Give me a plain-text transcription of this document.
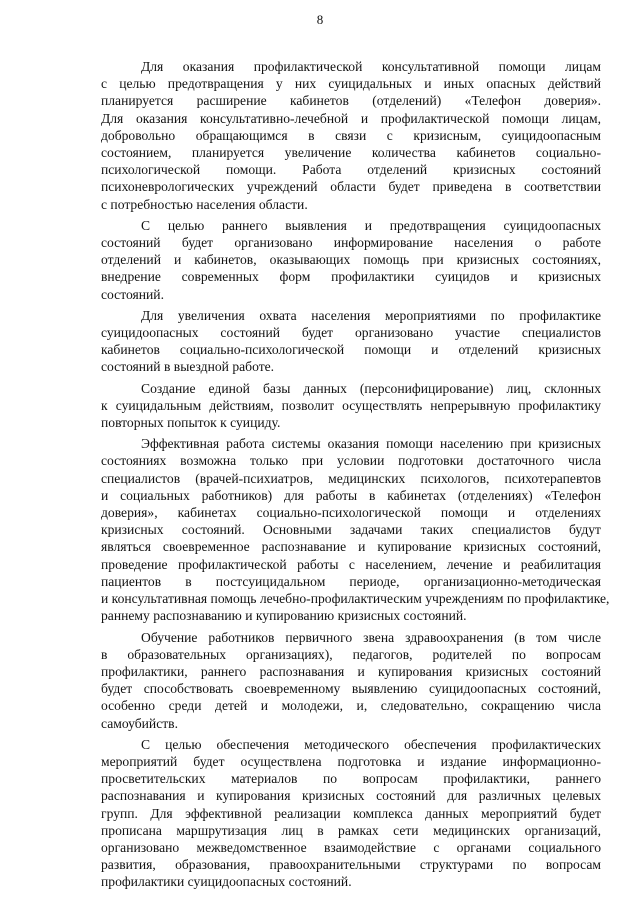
8
Для оказания профилактической консультативной помощи лицам
с целью предотвращения у них суицидальных и иных опасных действий
планируется расширение кабинетов (отделений) «Телефон доверия».
Для оказания консультативно-лечебной и профилактической помощи лицам,
добровольно обращающимся в связи с кризисным, суицидоопасным
состоянием, планируется увеличение количества кабинетов социально-
психологической помощи. Работа отделений кризисных состояний
психоневрологических учреждений области будет приведена в соответствии
с потребностью населения области.
С целью раннего выявления и предотвращения суицидоопасных
состояний будет организовано информирование населения о работе
отделений и кабинетов, оказывающих помощь при кризисных состояниях,
внедрение современных форм профилактики суицидов и кризисных
состояний.
Для увеличения охвата населения мероприятиями по профилактике
суицидоопасных состояний будет организовано участие специалистов
кабинетов социально-психологической помощи и отделений кризисных
состояний в выездной работе.
Создание единой базы данных (персонифицирование) лиц, склонных
к суицидальным действиям, позволит осуществлять непрерывную профилактику
повторных попыток к суициду.
Эффективная работа системы оказания помощи населению при кризисных
состояниях возможна только при условии подготовки достаточного числа
специалистов (врачей-психиатров, медицинских психологов, психотерапевтов
и социальных работников) для работы в кабинетах (отделениях) «Телефон
доверия», кабинетах социально-психологической помощи и отделениях
кризисных состояний. Основными задачами таких специалистов будут
являться своевременное распознавание и купирование кризисных состояний,
проведение профилактической работы с населением, лечение и реабилитация
пациентов в постсуицидальном периоде, организационно-методическая
и консультативная помощь лечебно-профилактическим учреждениям по профилактике,
раннему распознаванию и купированию кризисных состояний.
Обучение работников первичного звена здравоохранения (в том числе
в образовательных организациях), педагогов, родителей по вопросам
профилактики, раннего распознавания и купирования кризисных состояний
будет способствовать своевременному выявлению суицидоопасных состояний,
особенно среди детей и молодежи, и, следовательно, сокращению числа
самоубийств.
С целью обеспечения методического обеспечения профилактических
мероприятий будет осуществлена подготовка и издание информационно-
просветительских материалов по вопросам профилактики, раннего
распознавания и купирования кризисных состояний для различных целевых
групп. Для эффективной реализации комплекса данных мероприятий будет
прописана маршрутизация лиц в рамках сети медицинских организаций,
организовано межведомственное взаимодействие с органами социального
развития, образования, правоохранительными структурами по вопросам
профилактики суицидоопасных состояний.
